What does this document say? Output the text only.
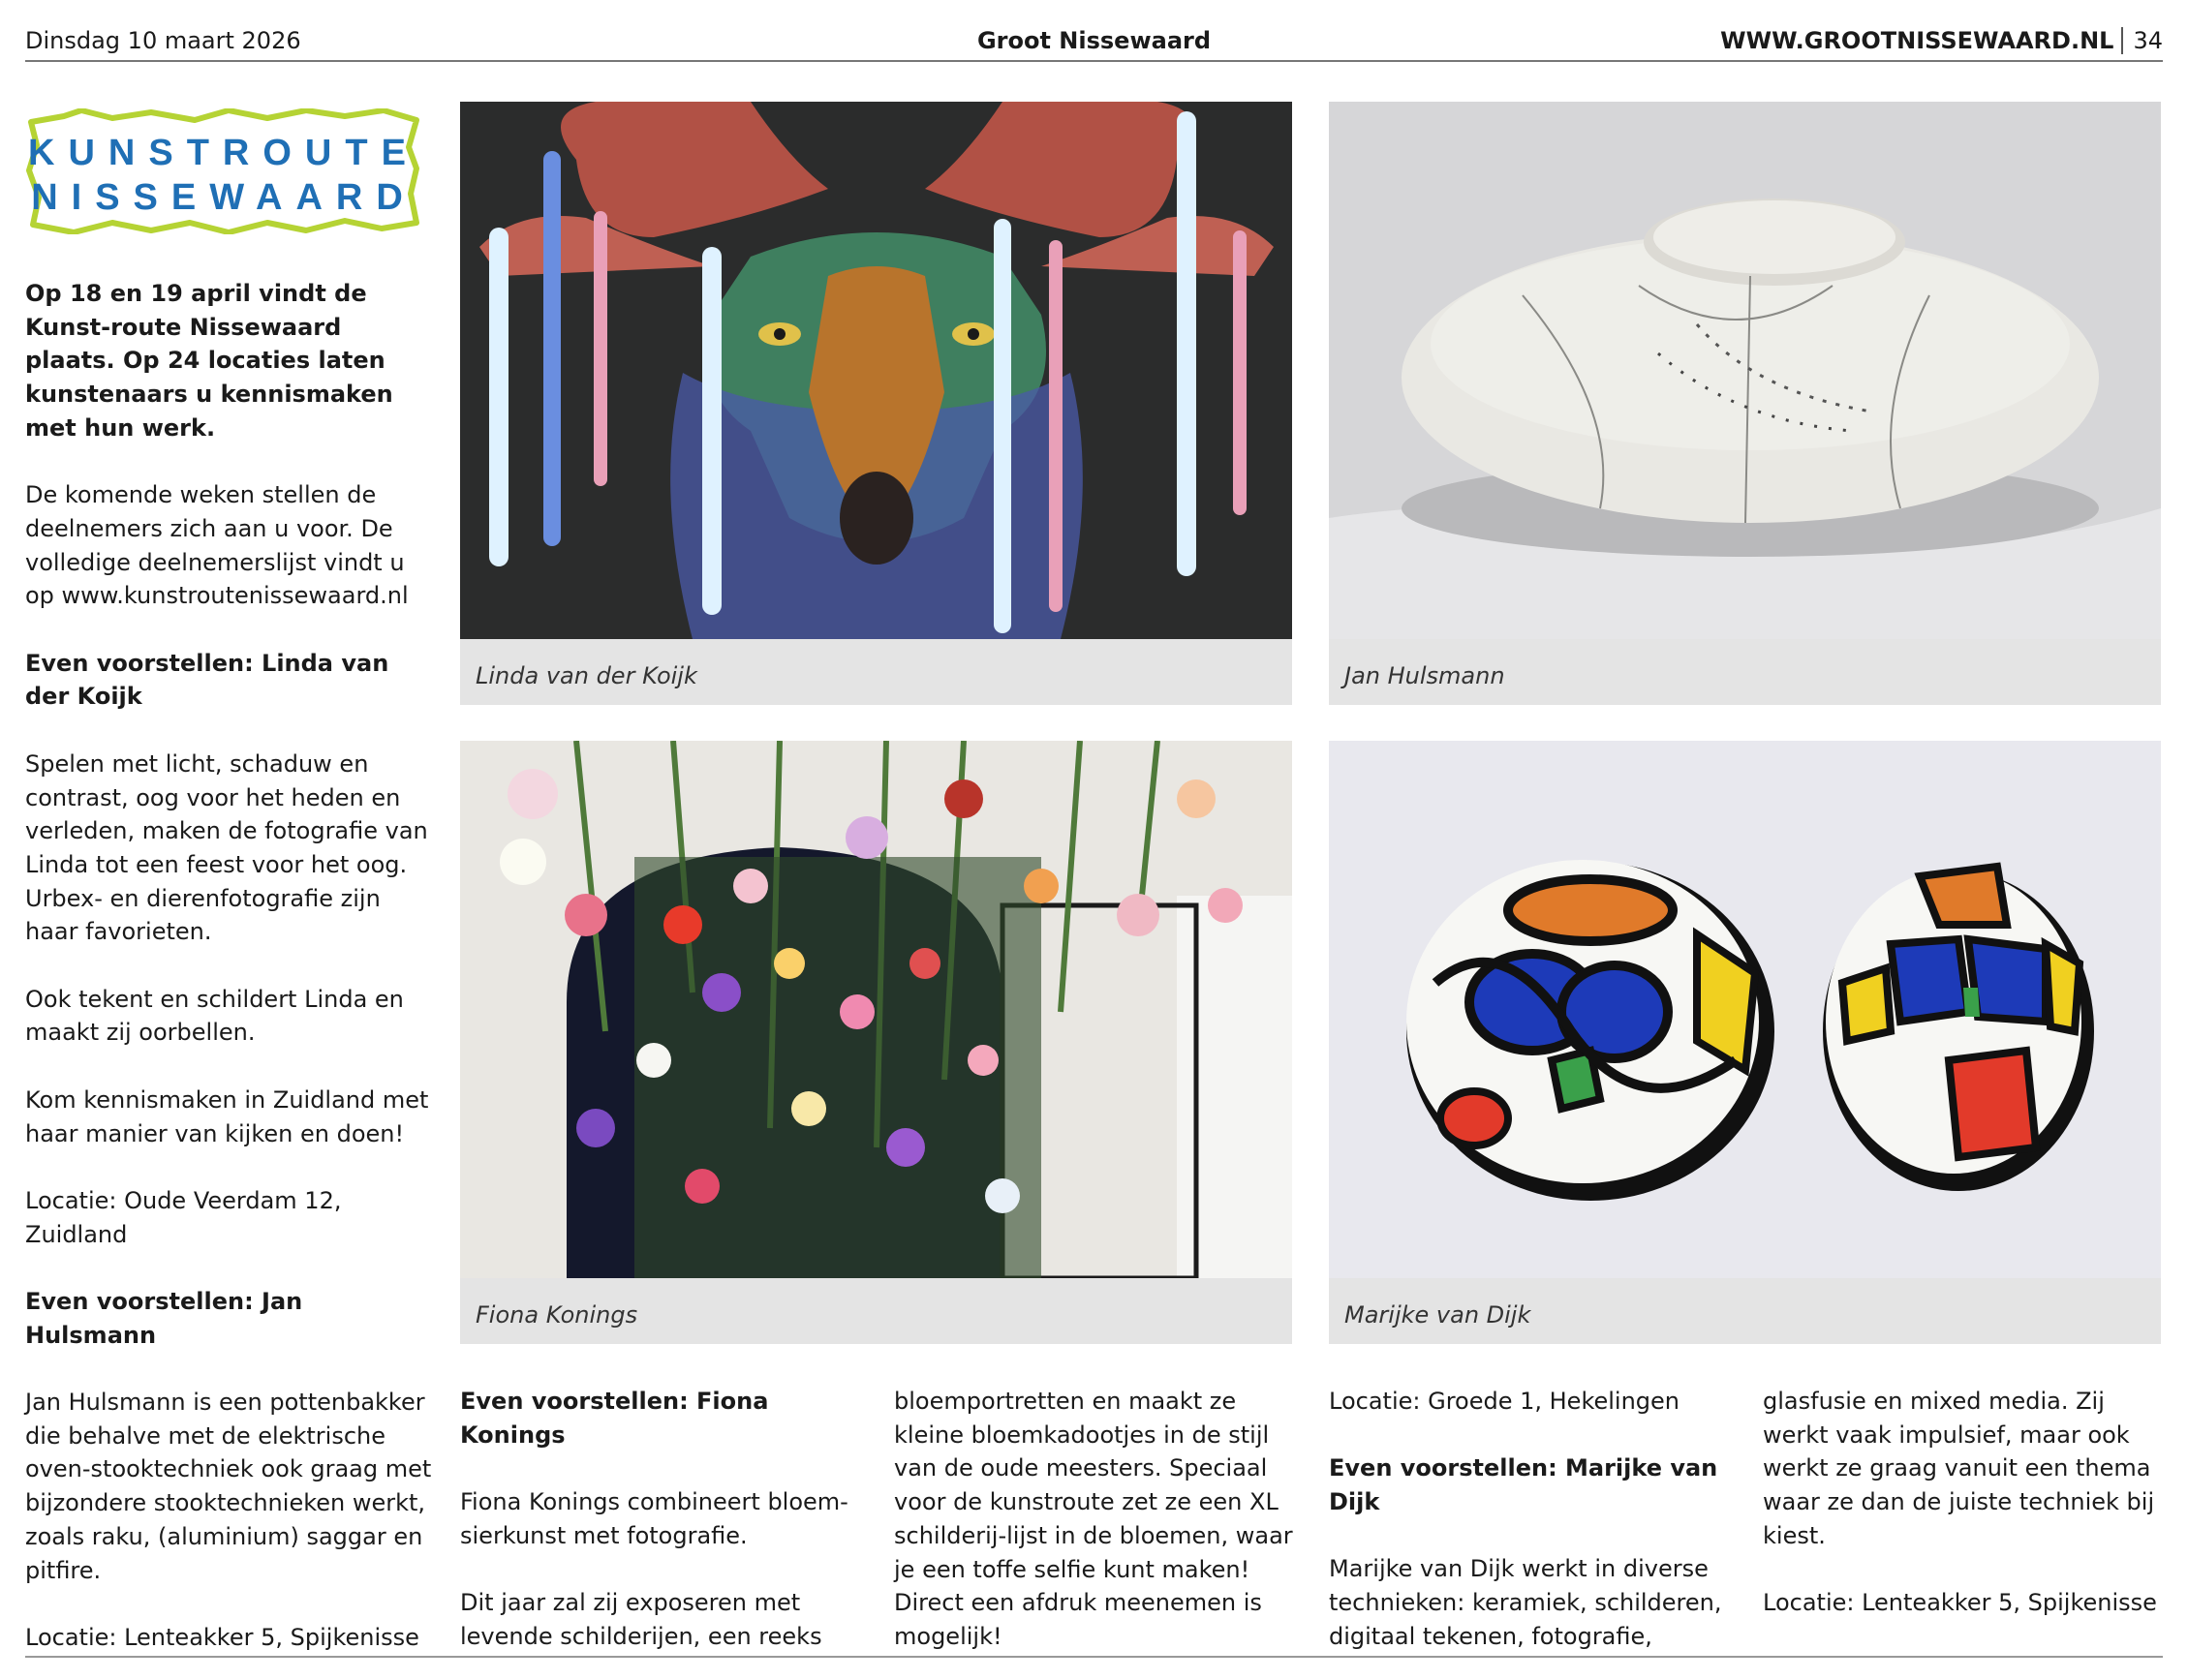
Dinsdag 10 maart 2026	Groot Nissewaard	WWW.GROOTNISSEWAARD.NL 34
KUNSTROUTE
NISSEWAARD

Op 18 en 19 april vindt de Kunst-route Nissewaard plaats. Op 24 locaties laten kunstenaars u kennismaken met hun werk.

De komende weken stellen de deelnemers zich aan u voor. De volledige deelnemerslijst vindt u op www.kunstroutenissewaard.nl

Even voorstellen: Linda van der Koijk

Spelen met licht, schaduw en contrast, oog voor het heden en verleden, maken de fotografie van Linda tot een feest voor het oog. Urbex- en dierenfotografie zijn haar favorieten.

Ook tekent en schildert Linda en maakt zij oorbellen.

Kom kennismaken in Zuidland met haar manier van kijken en doen!

Locatie: Oude Veerdam 12, Zuidland

Even voorstellen: Jan Hulsmann

Jan Hulsmann is een pottenbakker die behalve met de elektrische oven-stooktechniek ook graag met bijzondere stooktechnieken werkt, zoals raku, (aluminium) saggar en pitfire.

Locatie: Lenteakker 5, Spijkenisse

Linda van der Koijk	Jan Hulsmann
Fiona Konings	Marijke van Dijk

Even voorstellen: Fiona Konings

Fiona Konings combineert bloem-sierkunst met fotografie.

Dit jaar zal zij exposeren met levende schilderijen, een reeks

bloemportretten en maakt ze kleine bloemkadootjes in de stijl van de oude meesters. Speciaal voor de kunstroute zet ze een XL schilderij-lijst in de bloemen, waar je een toffe selfie kunt maken! Direct een afdruk meenemen is mogelijk!

Locatie: Groede 1, Hekelingen

Even voorstellen: Marijke van Dijk

Marijke van Dijk werkt in diverse technieken: keramiek, schilderen, digitaal tekenen, fotografie,

glasfusie en mixed media. Zij werkt vaak impulsief, maar ook werkt ze graag vanuit een thema waar ze dan de juiste techniek bij kiest.

Locatie: Lenteakker 5, Spijkenisse
